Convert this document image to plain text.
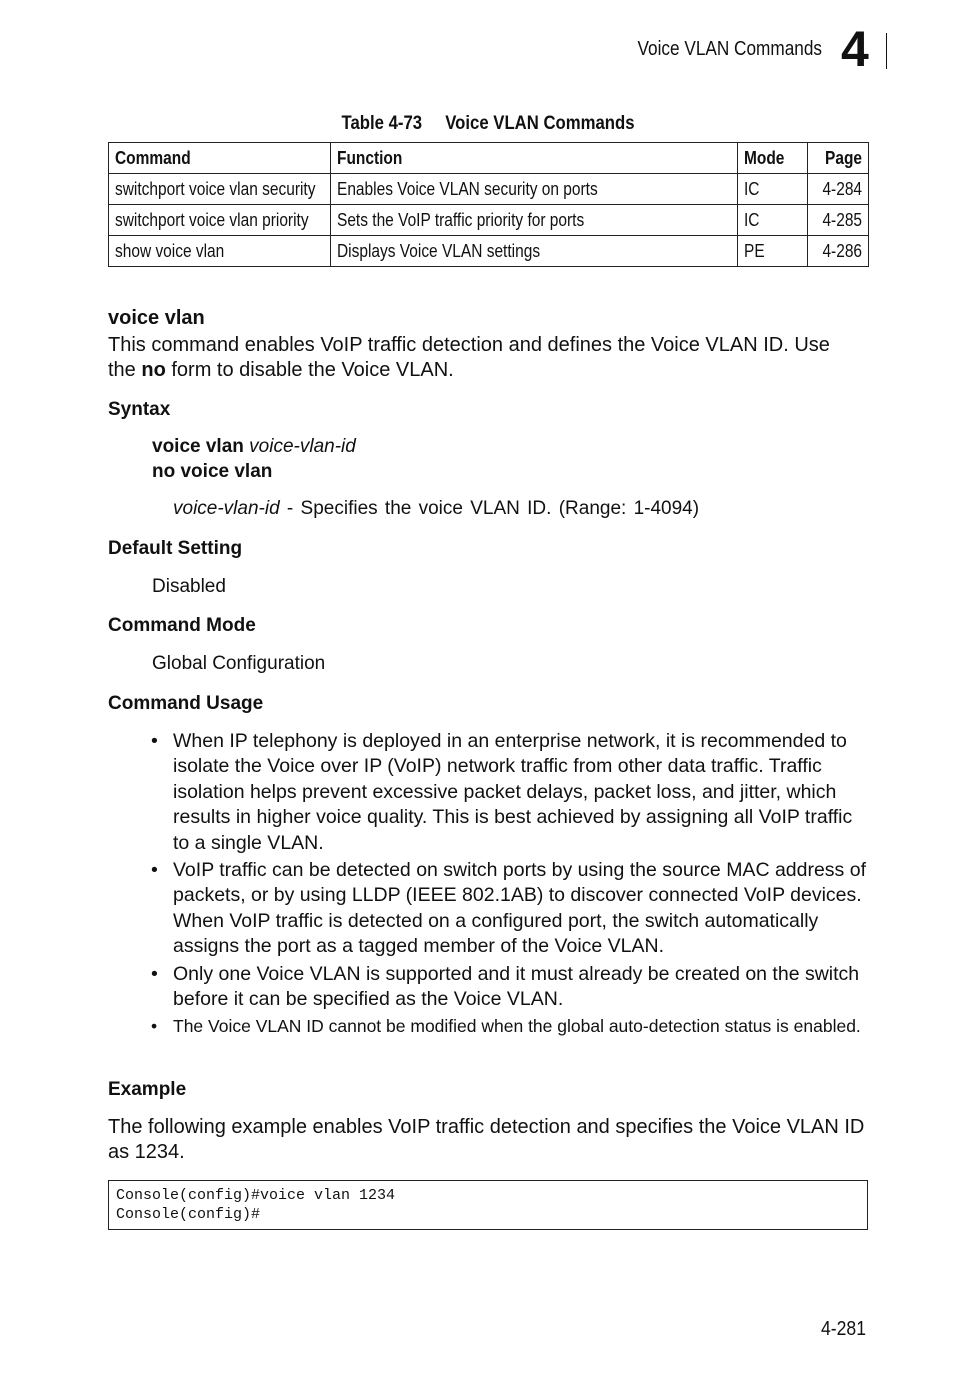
Voice VLAN Commands 4
Table 4-73     Voice VLAN Commands
Command	Function	Mode	Page
switchport voice vlan security	Enables Voice VLAN security on ports	IC	4-284
switchport voice vlan priority	Sets the VoIP traffic priority for ports	IC	4-285
show voice vlan	Displays Voice VLAN settings	PE	4-286
voice vlan
This command enables VoIP traffic detection and defines the Voice VLAN ID. Use
the no form to disable the Voice VLAN.
Syntax
voice vlan voice-vlan-id
no voice vlan
voice-vlan-id - Specifies the voice VLAN ID. (Range: 1-4094)
Default Setting
Disabled
Command Mode
Global Configuration
Command Usage
• When IP telephony is deployed in an enterprise network, it is recommended to isolate the Voice over IP (VoIP) network traffic from other data traffic. Traffic isolation helps prevent excessive packet delays, packet loss, and jitter, which results in higher voice quality. This is best achieved by assigning all VoIP traffic to a single VLAN.
• VoIP traffic can be detected on switch ports by using the source MAC address of packets, or by using LLDP (IEEE 802.1AB) to discover connected VoIP devices. When VoIP traffic is detected on a configured port, the switch automatically assigns the port as a tagged member of the Voice VLAN.
• Only one Voice VLAN is supported and it must already be created on the switch before it can be specified as the Voice VLAN.
• The Voice VLAN ID cannot be modified when the global auto-detection status is enabled.
Example
The following example enables VoIP traffic detection and specifies the Voice VLAN ID as 1234.
Console(config)#voice vlan 1234
Console(config)#
4-281
